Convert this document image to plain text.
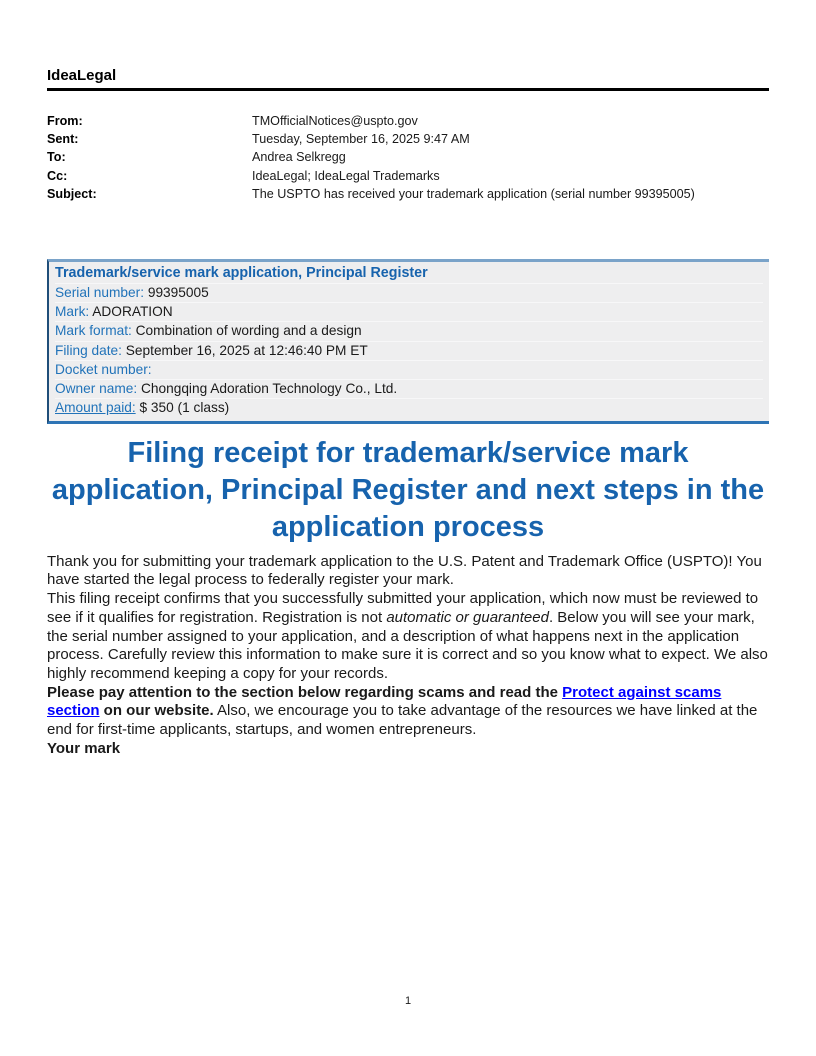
IdeaLegal
From:	TMOfficialNotices@uspto.gov
Sent:	Tuesday, September 16, 2025 9:47 AM
To:	Andrea Selkregg
Cc:	IdeaLegal; IdeaLegal Trademarks
Subject:	The USPTO has received your trademark application (serial number 99395005)
Trademark/service mark application, Principal Register
Serial number: 99395005
Mark: ADORATION
Mark format: Combination of wording and a design
Filing date: September 16, 2025 at 12:46:40 PM ET
Docket number:
Owner name: Chongqing Adoration Technology Co., Ltd.
Amount paid: $ 350 (1 class)
Filing receipt for trademark/service mark application, Principal Register and next steps in the application process

Thank you for submitting your trademark application to the U.S. Patent and Trademark Office (USPTO)! You have started the legal process to federally register your mark.

This filing receipt confirms that you successfully submitted your application, which now must be reviewed to see if it qualifies for registration. Registration is not automatic or guaranteed. Below you will see your mark, the serial number assigned to your application, and a description of what happens next in the application process. Carefully review this information to make sure it is correct and so you know what to expect. We also highly recommend keeping a copy for your records.

Please pay attention to the section below regarding scams and read the Protect against scams section on our website. Also, we encourage you to take advantage of the resources we have linked at the end for first-time applicants, startups, and women entrepreneurs.

Your mark

1
